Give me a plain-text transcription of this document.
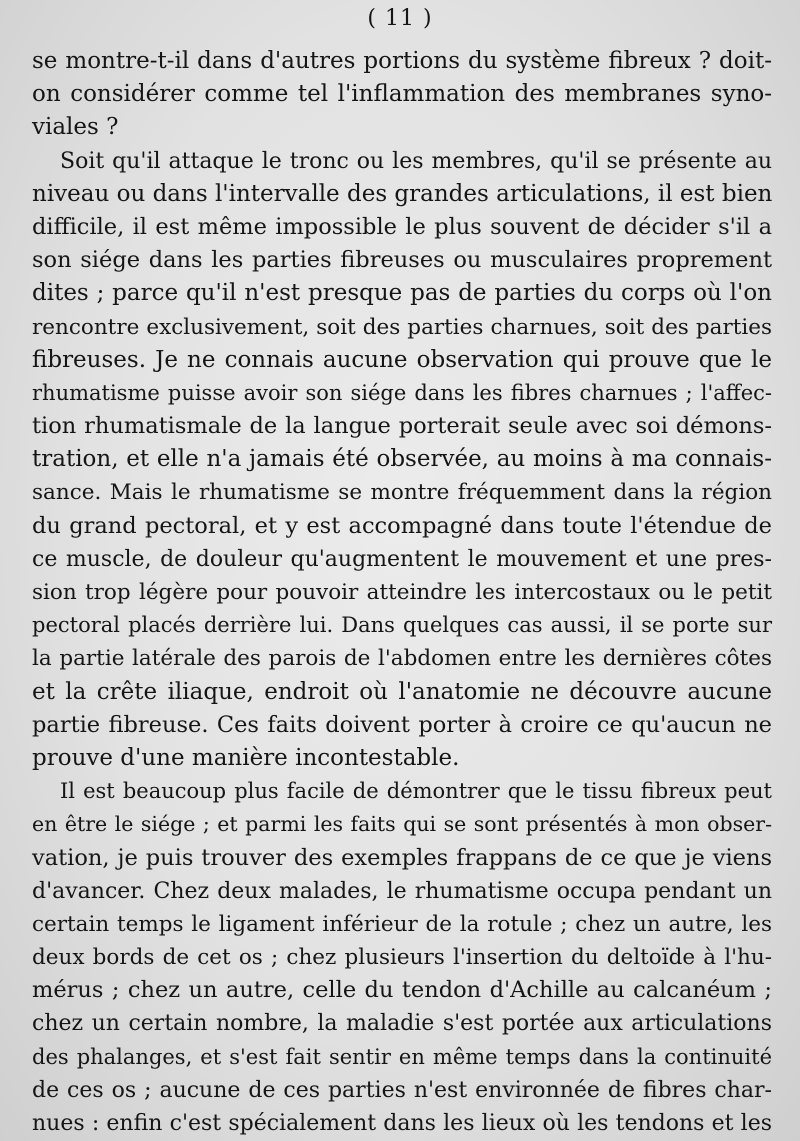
( 11 )
se montre-t-il dans d'autres portions du système fibreux ? doit-
on considérer comme tel l'inflammation des membranes syno-
viales ?
Soit qu'il attaque le tronc ou les membres, qu'il se présente au
niveau ou dans l'intervalle des grandes articulations, il est bien
difficile, il est même impossible le plus souvent de décider s'il a
son siége dans les parties fibreuses ou musculaires proprement
dites ; parce qu'il n'est presque pas de parties du corps où l'on
rencontre exclusivement, soit des parties charnues, soit des parties
fibreuses. Je ne connais aucune observation qui prouve que le
rhumatisme puisse avoir son siége dans les fibres charnues ; l'affec-
tion rhumatismale de la langue porterait seule avec soi démons-
tration, et elle n'a jamais été observée, au moins à ma connais-
sance. Mais le rhumatisme se montre fréquemment dans la région
du grand pectoral, et y est accompagné dans toute l'étendue de
ce muscle, de douleur qu'augmentent le mouvement et une pres-
sion trop légère pour pouvoir atteindre les intercostaux ou le petit
pectoral placés derrière lui. Dans quelques cas aussi, il se porte sur
la partie latérale des parois de l'abdomen entre les dernières côtes
et la crête iliaque, endroit où l'anatomie ne découvre aucune
partie fibreuse. Ces faits doivent porter à croire ce qu'aucun ne
prouve d'une manière incontestable.
Il est beaucoup plus facile de démontrer que le tissu fibreux peut
en être le siége ; et parmi les faits qui se sont présentés à mon obser-
vation, je puis trouver des exemples frappans de ce que je viens
d'avancer. Chez deux malades, le rhumatisme occupa pendant un
certain temps le ligament inférieur de la rotule ; chez un autre, les
deux bords de cet os ; chez plusieurs l'insertion du deltoïde à l'hu-
mérus ; chez un autre, celle du tendon d'Achille au calcanéum ;
chez un certain nombre, la maladie s'est portée aux articulations
des phalanges, et s'est fait sentir en même temps dans la continuité
de ces os ; aucune de ces parties n'est environnée de fibres char-
nues : enfin c'est spécialement dans les lieux où les tendons et les
